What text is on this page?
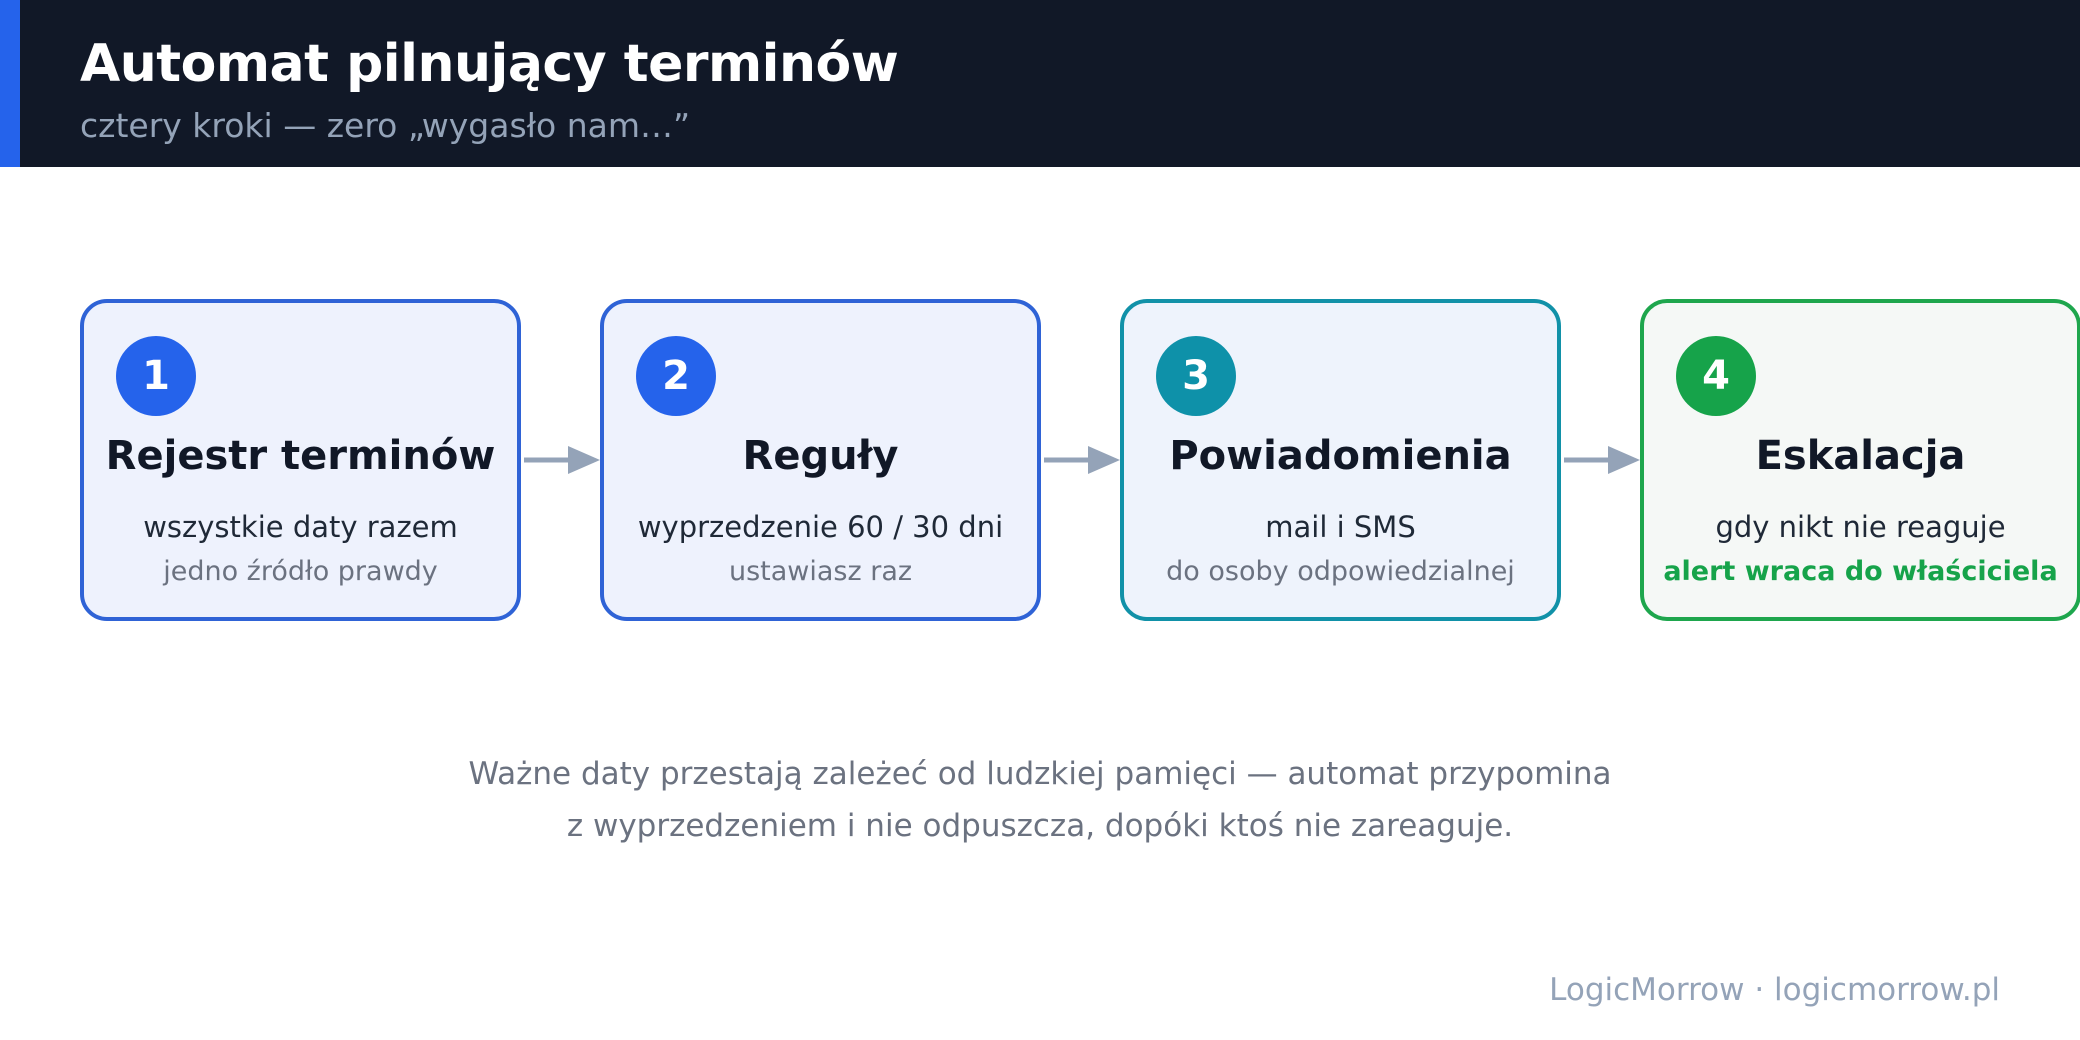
Automat pilnujący terminów
cztery kroki — zero „wygasło nam…”
1
Rejestr terminów
wszystkie daty razem
jedno źródło prawdy
2
Reguły
wyprzedzenie 60 / 30 dni
ustawiasz raz
3
Powiadomienia
mail i SMS
do osoby odpowiedzialnej
4
Eskalacja
gdy nikt nie reaguje
alert wraca do właściciela
Ważne daty przestają zależeć od ludzkiej pamięci — automat przypomina
z wyprzedzeniem i nie odpuszcza, dopóki ktoś nie zareaguje.
LogicMorrow · logicmorrow.pl
